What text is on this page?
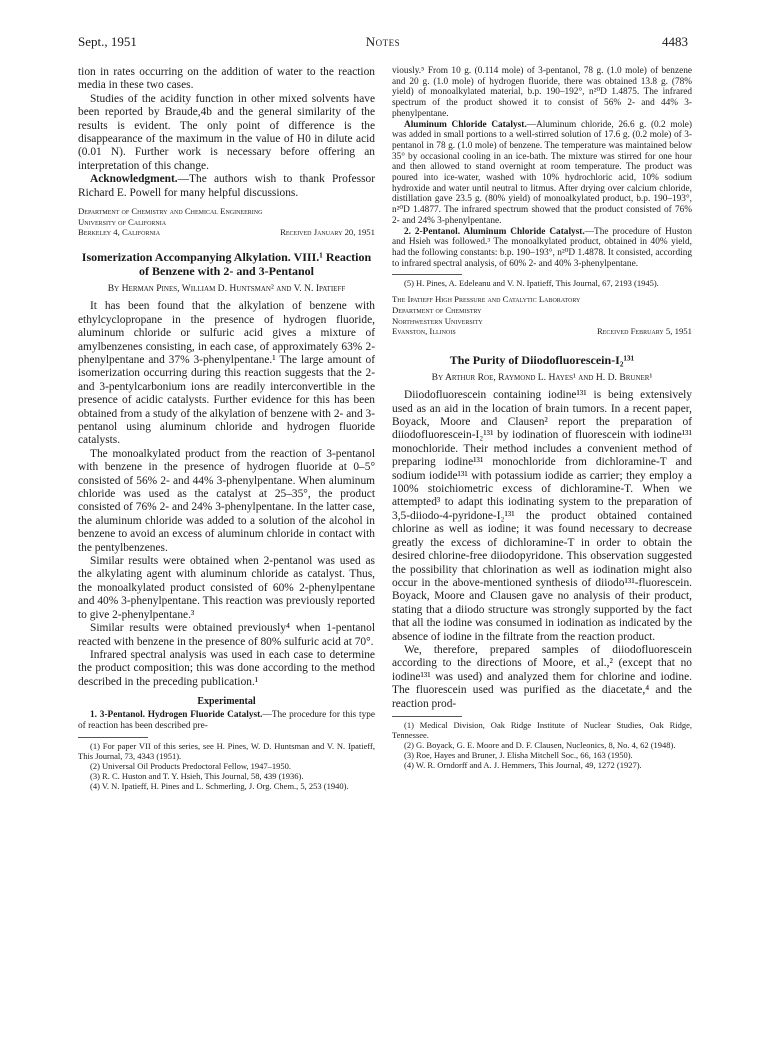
Sept., 1951	Notes	4483

tion in rates occurring on the addition of water to the reaction media in these two cases.

Studies of the acidity function in other mixed solvents have been reported by Braude,4b and the general similarity of the results is evident. The only point of difference is the disappearance of the maximum in the value of H0 in dilute acid (0.01 N). Further work is necessary before offering an interpretation of this change.

Acknowledgment.—The authors wish to thank Professor Richard E. Powell for many helpful discussions.

Department of Chemistry and Chemical Engineering
University of California
Berkeley 4, California	Received January 20, 1951
Isomerization Accompanying Alkylation. VIII.¹ Reaction of Benzene with 2- and 3-Pentanol
By Herman Pines, William D. Huntsman² and V. N. Ipatieff

It has been found that the alkylation of benzene with ethylcyclopropane in the presence of hydrogen fluoride, aluminum chloride or sulfuric acid gives a mixture of amylbenzenes consisting, in each case, of approximately 63% 2-phenylpentane and 37% 3-phenylpentane.¹ The large amount of isomerization occurring during this reaction suggests that the 2- and 3-pentylcarbonium ions are readily interconvertible in the presence of acidic catalysts. Further evidence for this has been obtained from a study of the alkylation of benzene with 2- and 3-pentanol using aluminum chloride and hydrogen fluoride catalysts.

The monoalkylated product from the reaction of 3-pentanol with benzene in the presence of hydrogen fluoride at 0–5° consisted of 56% 2- and 44% 3-phenylpentane. When aluminum chloride was used as the catalyst at 25–35°, the product consisted of 76% 2- and 24% 3-phenylpentane. In the latter case, the aluminum chloride was added to a solution of the alcohol in benzene to avoid an excess of aluminum chloride in contact with the pentylbenzenes.

Similar results were obtained when 2-pentanol was used as the alkylating agent with aluminum chloride as catalyst. Thus, the monoalkylated product consisted of 60% 2-phenylpentane and 40% 3-phenylpentane. This reaction was previously reported to give 2-phenylpentane.³

Similar results were obtained previously⁴ when 1-pentanol reacted with benzene in the presence of 80% sulfuric acid at 70°.

Infrared spectral analysis was used in each case to determine the product composition; this was done according to the method described in the preceding publication.¹

Experimental

1. 3-Pentanol. Hydrogen Fluoride Catalyst.—The procedure for this type of reaction has been described pre-

(1) For paper VII of this series, see H. Pines, W. D. Huntsman and V. N. Ipatieff, This Journal, 73, 4343 (1951).

(2) Universal Oil Products Predoctoral Fellow, 1947–1950.

(3) R. C. Huston and T. Y. Hsieh, This Journal, 58, 439 (1936).

(4) V. N. Ipatieff, H. Pines and L. Schmerling, J. Org. Chem., 5, 253 (1940).

viously.⁵ From 10 g. (0.114 mole) of 3-pentanol, 78 g. (1.0 mole) of benzene and 20 g. (1.0 mole) of hydrogen fluoride, there was obtained 13.8 g. (78% yield) of monoalkylated material, b.p. 190–192°, n²⁰D 1.4875. The infrared spectrum of the product showed it to consist of 56% 2- and 44% 3-phenylpentane.

Aluminum Chloride Catalyst.—Aluminum chloride, 26.6 g. (0.2 mole) was added in small portions to a well-stirred solution of 17.6 g. (0.2 mole) of 3-pentanol in 78 g. (1.0 mole) of benzene. The temperature was maintained below 35° by occasional cooling in an ice-bath. The mixture was stirred for one hour and then allowed to stand overnight at room temperature. The product was poured into ice-water, washed with 10% hydrochloric acid, 10% sodium hydroxide and water until neutral to litmus. After drying over calcium chloride, distillation gave 23.5 g. (80% yield) of monoalkylated product, b.p. 190–193°, n²⁰D 1.4877. The infrared spectrum showed that the product consisted of 76% 2- and 24% 3-phenylpentane.

2. 2-Pentanol. Aluminum Chloride Catalyst.—The procedure of Huston and Hsieh was followed.³ The monoalkylated product, obtained in 40% yield, had the following constants: b.p. 190–193°, n²⁰D 1.4878. It consisted, according to infrared spectral analysis, of 60% 2- and 40% 3-phenylpentane.

(5) H. Pines, A. Edeleanu and V. N. Ipatieff, This Journal, 67, 2193 (1945).

The Ipatieff High Pressure and Catalytic Laboratory
Department of Chemistry
Northwestern University
Evanston, Illinois	Received February 5, 1951
The Purity of Diiodofluorescein-I₂¹³¹
By Arthur Roe, Raymond L. Hayes¹ and H. D. Bruner¹

Diiodofluorescein containing iodine¹³¹ is being extensively used as an aid in the location of brain tumors. In a recent paper, Boyack, Moore and Clausen² report the preparation of diiodofluorescein-I₂¹³¹ by iodination of fluorescein with iodine¹³¹ monochloride. Their method includes a convenient method of preparing iodine¹³¹ monochloride from dichloramine-T and sodium iodide¹³¹ with potassium iodide as carrier; they employ a 100% stoichiometric excess of dichloramine-T. When we attempted³ to adapt this iodinating system to the preparation of 3,5-diiodo-4-pyridone-I₂¹³¹ the product obtained contained chlorine as well as iodine; it was found necessary to decrease greatly the excess of dichloramine-T in order to obtain the desired chlorine-free diiodopyridone. This observation suggested the possibility that chlorination as well as iodination might also occur in the above-mentioned synthesis of diiodo¹³¹-fluorescein. Boyack, Moore and Clausen gave no analysis of their product, stating that a diiodo structure was strongly supported by the fact that all the iodine was consumed in iodination as indicated by the absence of iodine in the filtrate from the reaction product.

We, therefore, prepared samples of diiodofluorescein according to the directions of Moore, et al.,² (except that no iodine¹³¹ was used) and analyzed them for chlorine and iodine. The fluorescein used was purified as the diacetate,⁴ and the reaction prod-

(1) Medical Division, Oak Ridge Institute of Nuclear Studies, Oak Ridge, Tennessee.

(2) G. Boyack, G. E. Moore and D. F. Clausen, Nucleonics, 8, No. 4, 62 (1948).

(3) Roe, Hayes and Bruner, J. Elisha Mitchell Soc., 66, 163 (1950).

(4) W. R. Orndorff and A. J. Hemmers, This Journal, 49, 1272 (1927).
